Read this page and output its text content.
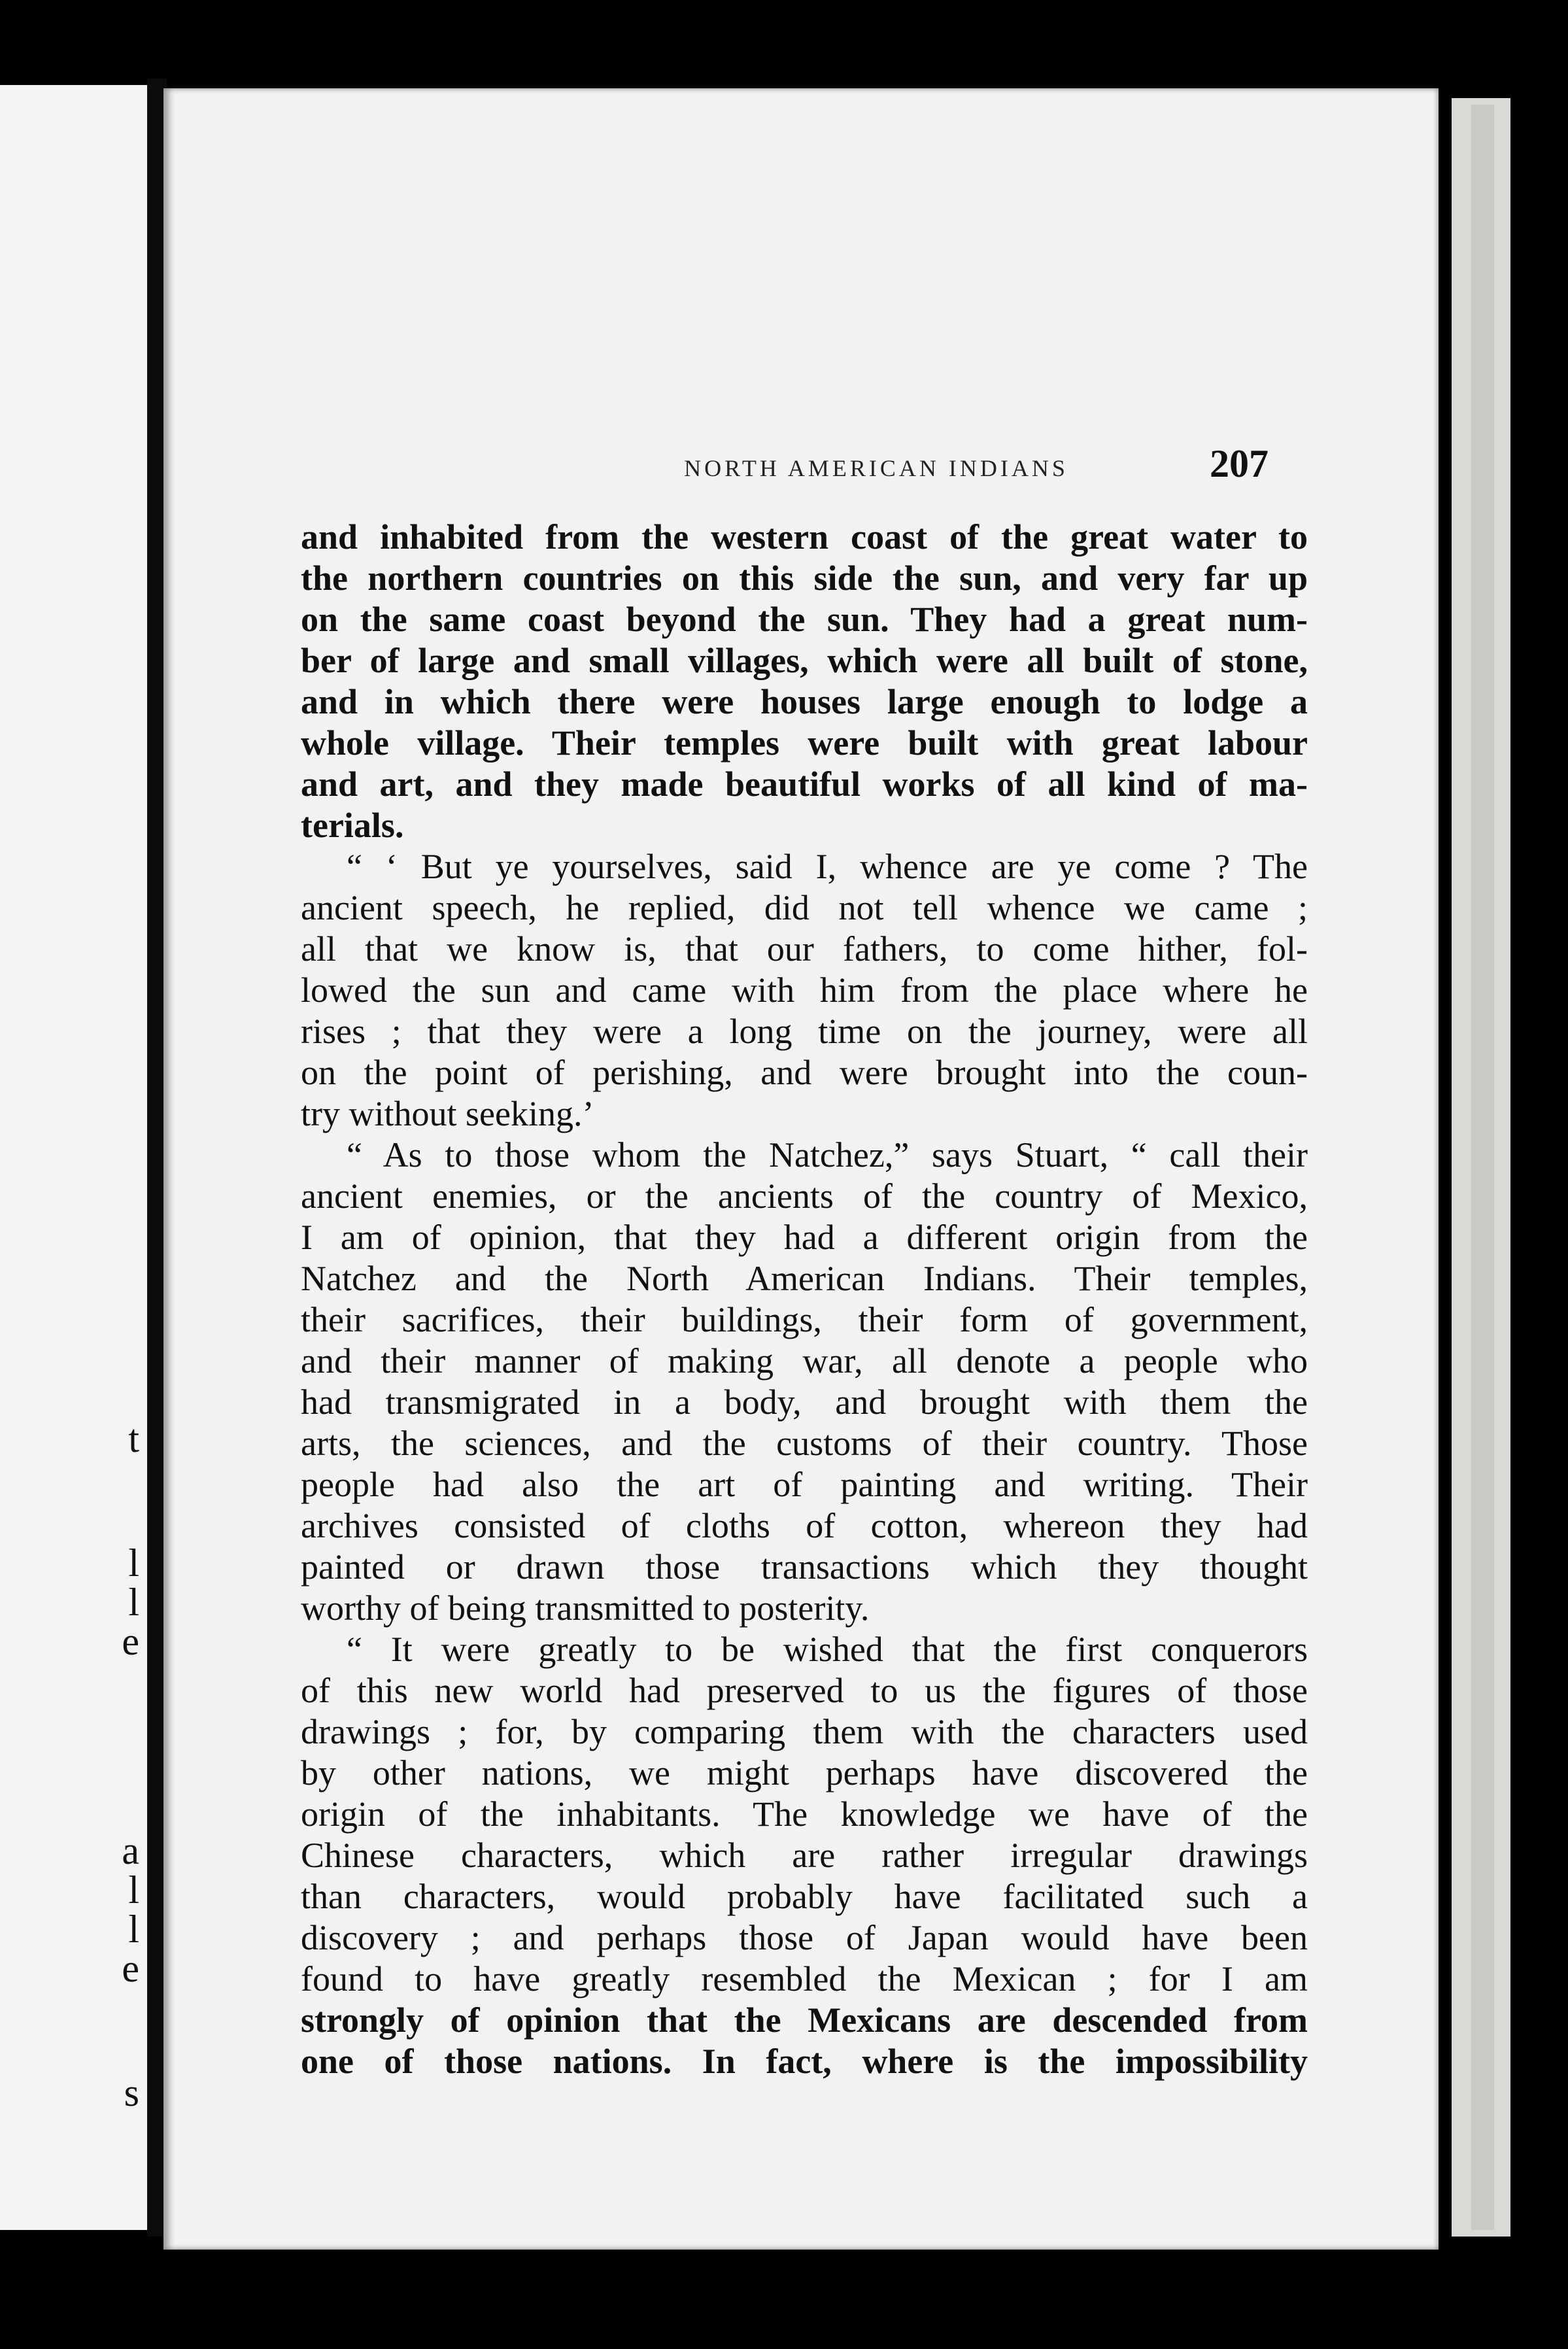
t
l
l
e
a
l
l
e
s
NORTH AMERICAN INDIANS	207
and inhabited from the western coast of the great water to
the northern countries on this side the sun, and very far up
on the same coast beyond the sun. They had a great num-
ber of large and small villages, which were all built of stone,
and in which there were houses large enough to lodge a
whole village. Their temples were built with great labour
and art, and they made beautiful works of all kind of ma-
terials.
“ ‘ But ye yourselves, said I, whence are ye come ? The
ancient speech, he replied, did not tell whence we came ;
all that we know is, that our fathers, to come hither, fol-
lowed the sun and came with him from the place where he
rises ; that they were a long time on the journey, were all
on the point of perishing, and were brought into the coun-
try without seeking.’
“ As to those whom the Natchez,” says Stuart, “ call their
ancient enemies, or the ancients of the country of Mexico,
I am of opinion, that they had a different origin from the
Natchez and the North American Indians. Their temples,
their sacrifices, their buildings, their form of government,
and their manner of making war, all denote a people who
had transmigrated in a body, and brought with them the
arts, the sciences, and the customs of their country. Those
people had also the art of painting and writing. Their
archives consisted of cloths of cotton, whereon they had
painted or drawn those transactions which they thought
worthy of being transmitted to posterity.
“ It were greatly to be wished that the first conquerors
of this new world had preserved to us the figures of those
drawings ; for, by comparing them with the characters used
by other nations, we might perhaps have discovered the
origin of the inhabitants. The knowledge we have of the
Chinese characters, which are rather irregular drawings
than characters, would probably have facilitated such a
discovery ; and perhaps those of Japan would have been
found to have greatly resembled the Mexican ; for I am
strongly of opinion that the Mexicans are descended from
one of those nations. In fact, where is the impossibility
